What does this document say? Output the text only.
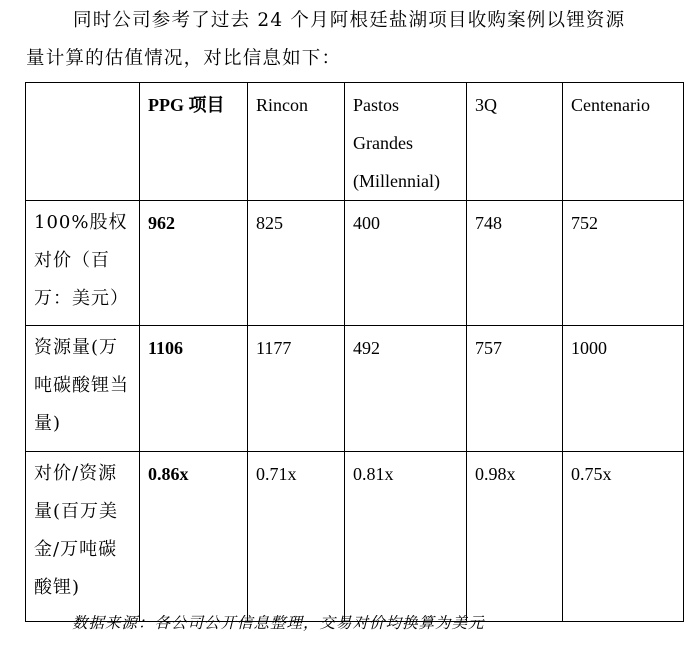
同时公司参考了过去 24 个月阿根廷盐湖项目收购案例以锂资源
量计算的估值情况，对比信息如下：
	PPG 项目	Rincon	Pastos Grandes (Millennial)	3Q	Centenario
100%股权对价（百万：美元）	962	825	400	748	752
资源量(万吨碳酸锂当量)	1106	1177	492	757	1000
对价/资源量(百万美金/万吨碳酸锂)	0.86x	0.71x	0.81x	0.98x	0.75x
数据来源：各公司公开信息整理，交易对价均换算为美元
